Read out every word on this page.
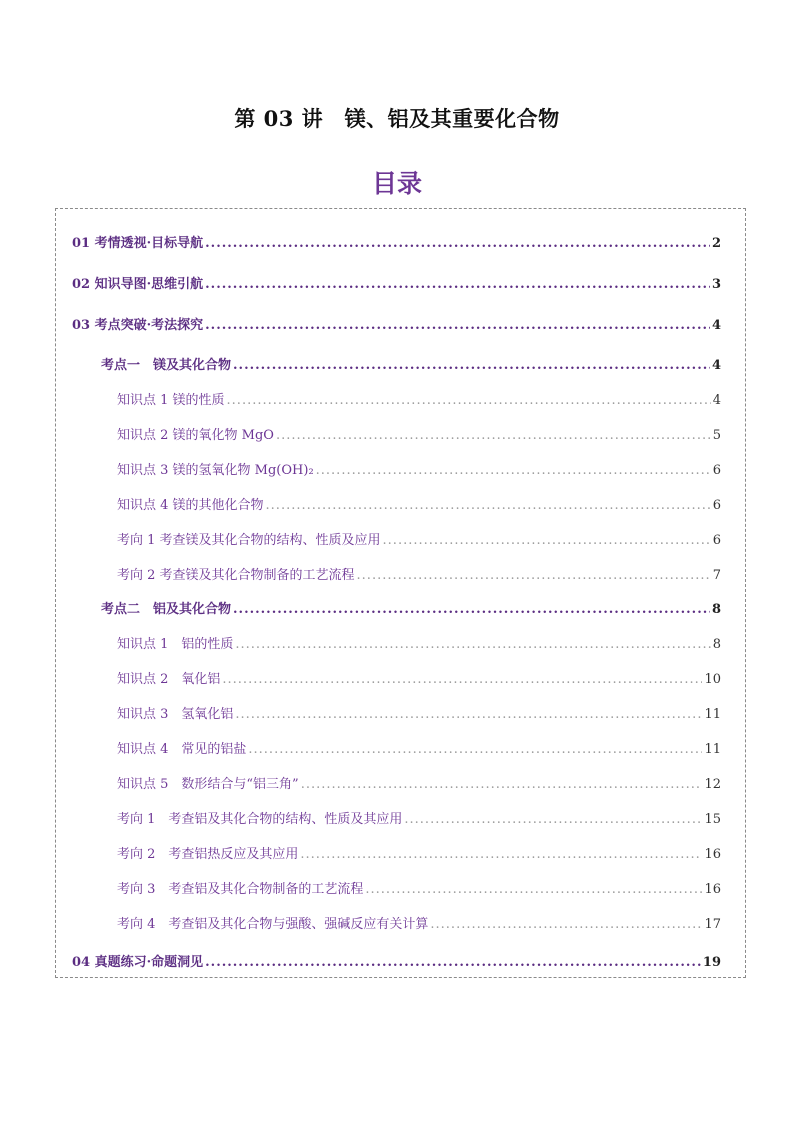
第 03 讲　镁、铝及其重要化合物
目录
01 考情透视·目标导航 .....	2
02 知识导图·思维引航 .....	3
03 考点突破·考法探究 .....	4
考点一　镁及其化合物 .....	4
知识点 1 镁的性质 .....	4
知识点 2 镁的氧化物 MgO .....	5
知识点 3 镁的氢氧化物 Mg(OH)₂ .....	6
知识点 4 镁的其他化合物 .....	6
考向 1 考查镁及其化合物的结构、性质及应用 .....	6
考向 2 考查镁及其化合物制备的工艺流程 .....	7
考点二　铝及其化合物 .....	8
知识点 1　铝的性质 .....	8
知识点 2　氧化铝 .....	10
知识点 3　氢氧化铝 .....	11
知识点 4　常见的铝盐 .....	11
知识点 5　数形结合与“铝三角” .....	12
考向 1　考查铝及其化合物的结构、性质及其应用 .....	15
考向 2　考查铝热反应及其应用 .....	16
考向 3　考查铝及其化合物制备的工艺流程 .....	16
考向 4　考查铝及其化合物与强酸、强碱反应有关计算 .....	17
04 真题练习·命题洞见 .....	19
